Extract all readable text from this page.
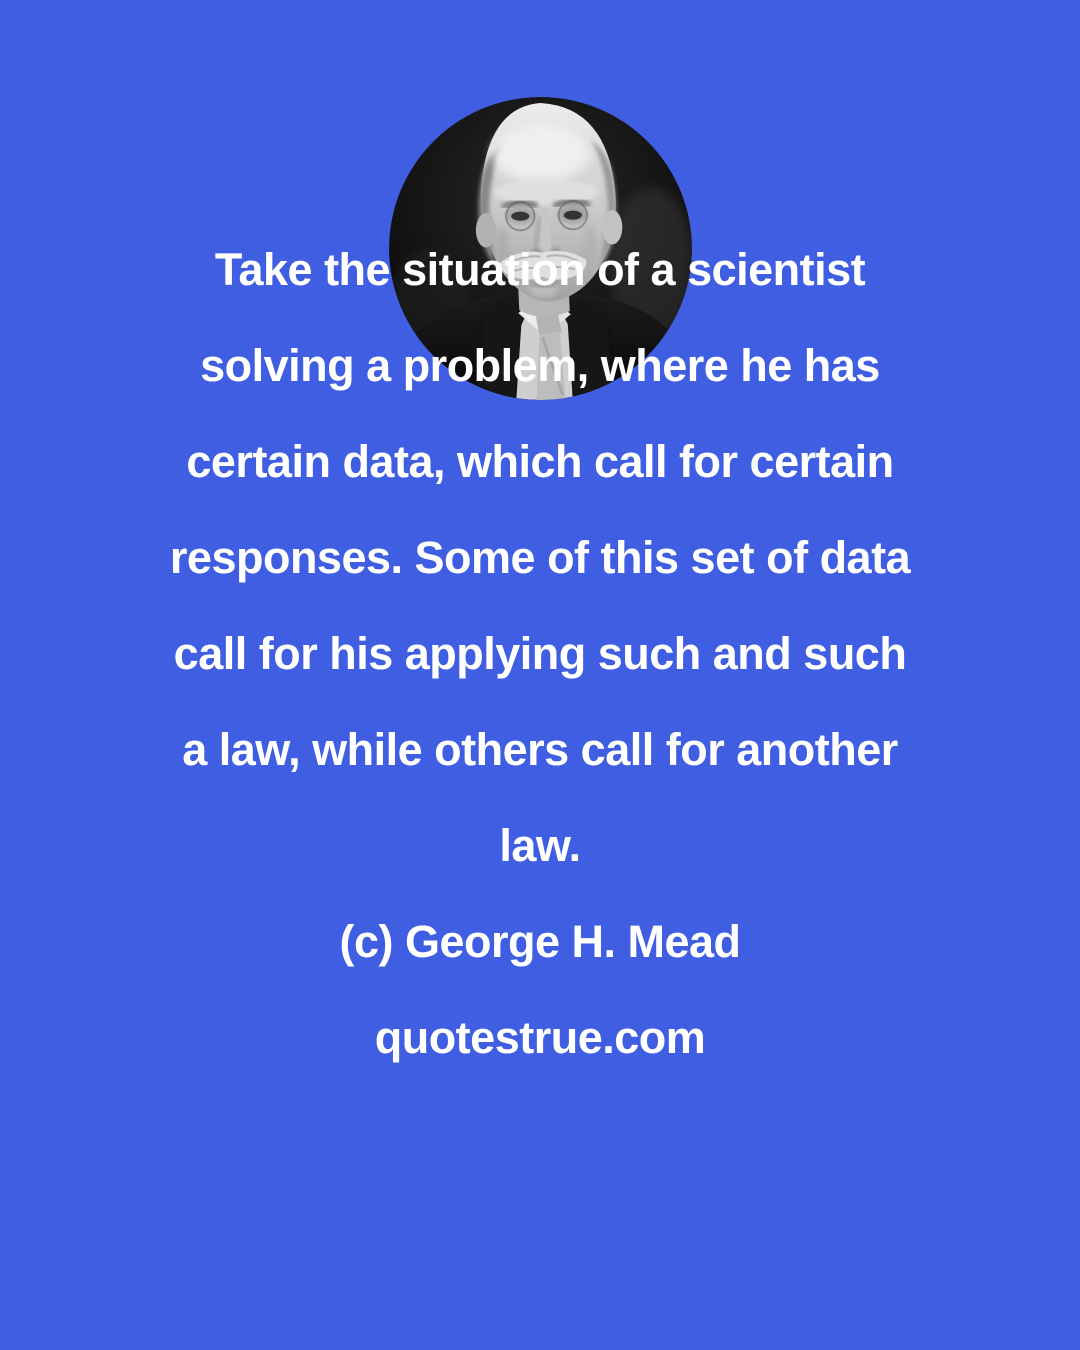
Take the situation of a scientist
solving a problem, where he has
certain data, which call for certain
responses. Some of this set of data
call for his applying such and such
a law, while others call for another
law.
(c) George H. Mead
quotestrue.com
